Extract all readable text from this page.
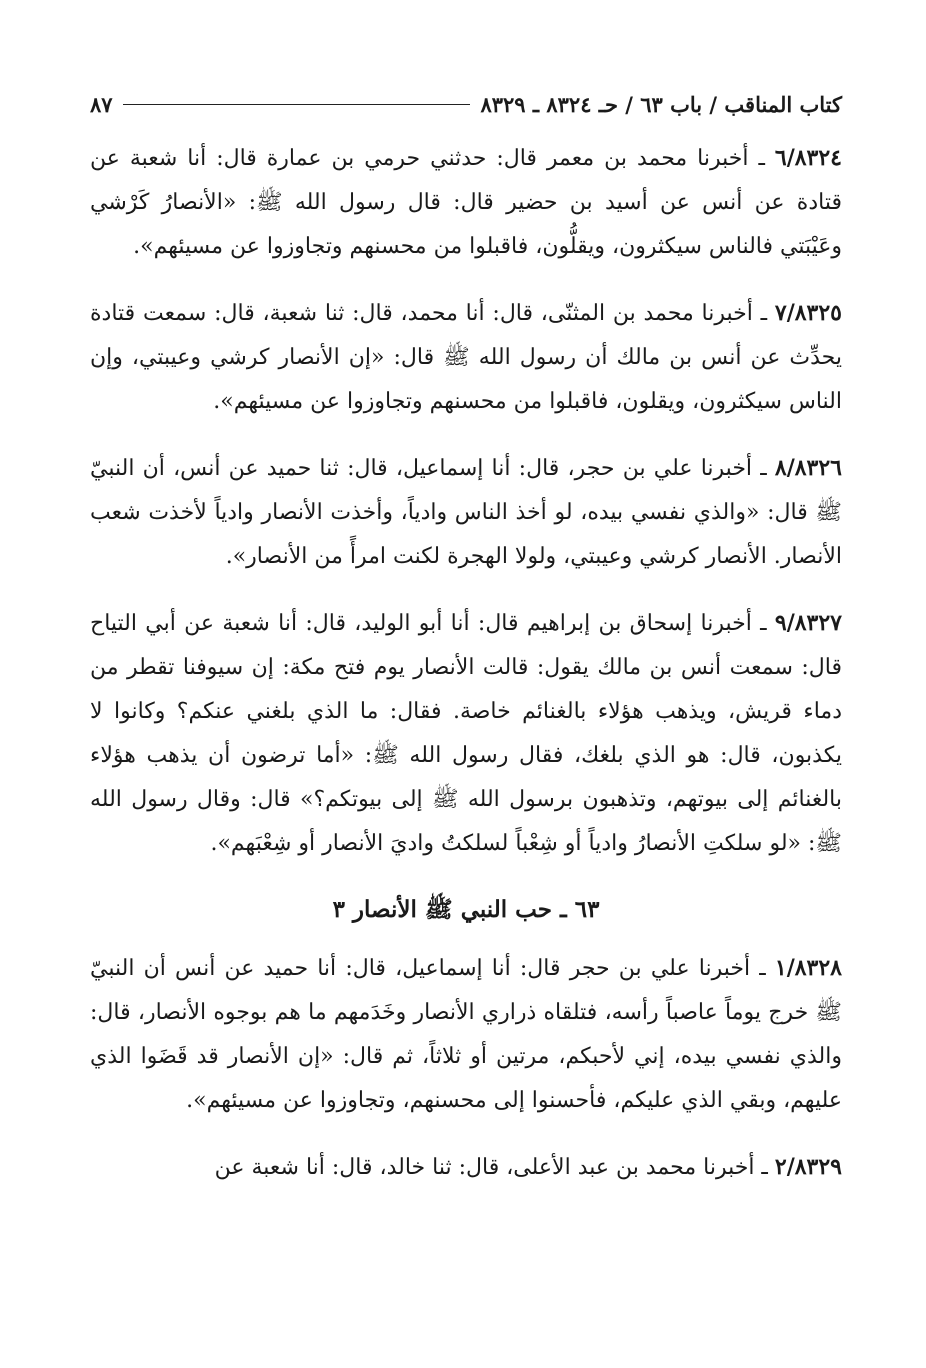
كتاب المناقب / باب ٦٣ / حـ ٨٣٢٤ ـ ٨٣٢٩
٨٧

٦/٨٣٢٤ ـ أخبرنا محمد بن معمر قال: حدثني حرمي بن عمارة قال: أنا شعبة عن قتادة عن أنس عن أسيد بن حضير قال: قال رسول الله ﷺ: «الأنصارُ كَرْشي وعَيْبَتي فالناس سيكثرون، ويقلُّون، فاقبلوا من محسنهم وتجاوزوا عن مسيئهم».

٧/٨٣٢٥ ـ أخبرنا محمد بن المثنّى، قال: أنا محمد، قال: ثنا شعبة، قال: سمعت قتادة يحدِّث عن أنس بن مالك أن رسول الله ﷺ قال: «إن الأنصار كرشي وعيبتي، وإن الناس سيكثرون، ويقلون، فاقبلوا من محسنهم وتجاوزوا عن مسيئهم».

٨/٨٣٢٦ ـ أخبرنا علي بن حجر، قال: أنا إسماعيل، قال: ثنا حميد عن أنس، أن النبيّ ﷺ قال: «والذي نفسي بيده، لو أخذ الناس وادياً، وأخذت الأنصار وادياً لأخذت شعب الأنصار. الأنصار كرشي وعيبتي، ولولا الهجرة لكنت امرأً من الأنصار».

٩/٨٣٢٧ ـ أخبرنا إسحاق بن إبراهيم قال: أنا أبو الوليد، قال: أنا شعبة عن أبي التياح قال: سمعت أنس بن مالك يقول: قالت الأنصار يوم فتح مكة: إن سيوفنا تقطر من دماء قريش، ويذهب هؤلاء بالغنائم خاصة. فقال: ما الذي بلغني عنكم؟ وكانوا لا يكذبون، قال: هو الذي بلغك، فقال رسول الله ﷺ: «أما ترضون أن يذهب هؤلاء بالغنائم إلى بيوتهم، وتذهبون برسول الله ﷺ إلى بيوتكم؟» قال: وقال رسول الله ﷺ: «لو سلكتِ الأنصارُ وادياً أو شِعْباً لسلكتُ واديَ الأنصار أو شِعْبَهم».

٦٣ ـ حب النبي ﷺ الأنصار ٣

١/٨٣٢٨ ـ أخبرنا علي بن حجر قال: أنا إسماعيل، قال: أنا حميد عن أنس أن النبيّ ﷺ خرج يوماً عاصباً رأسه، فتلقاه ذراري الأنصار وخَدَمهم ما هم بوجوه الأنصار، قال: والذي نفسي بيده، إني لأحبكم، مرتين أو ثلاثاً، ثم قال: «إن الأنصار قد قَضَوا الذي عليهم، وبقي الذي عليكم، فأحسنوا إلى محسنهم، وتجاوزوا عن مسيئهم».

٢/٨٣٢٩ ـ أخبرنا محمد بن عبد الأعلى، قال: ثنا خالد، قال: أنا شعبة عن
